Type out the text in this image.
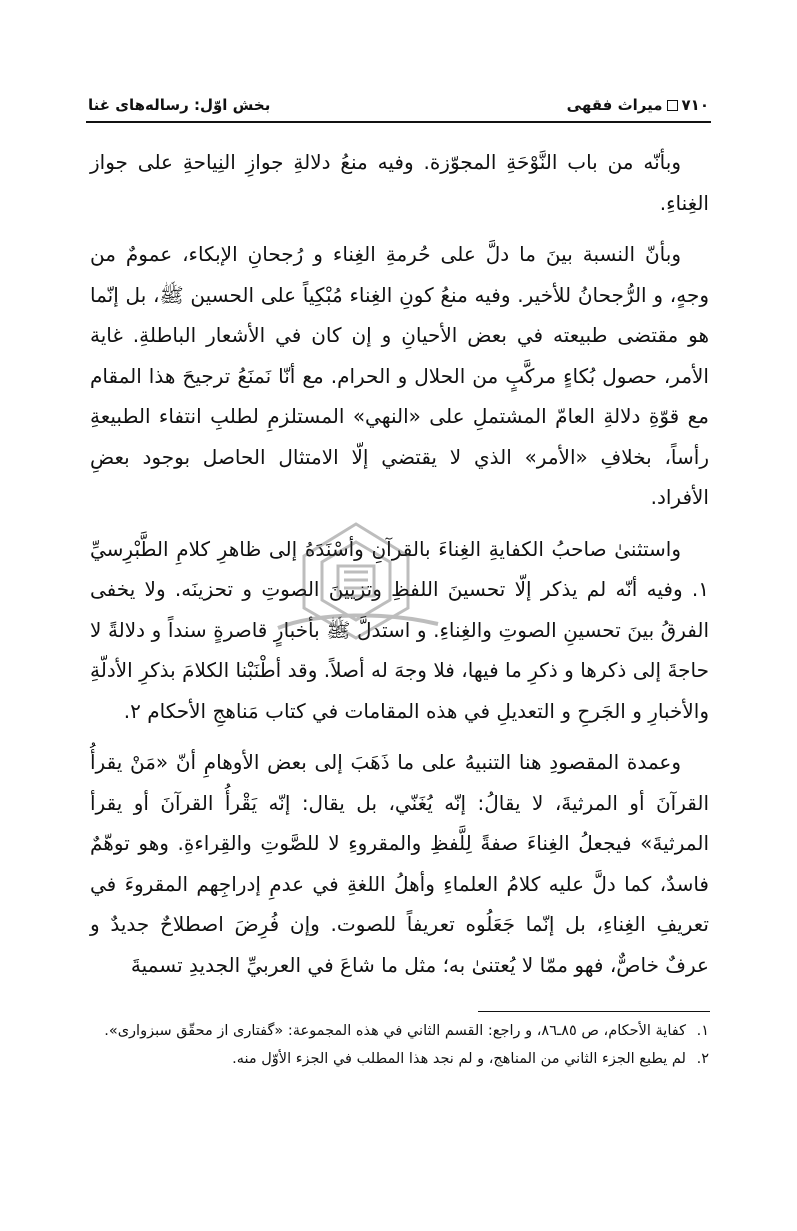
۷۱۰
میراث فقهی
بخش اوّل: رساله‌های غنا

وبأنّه من باب النَّوْحَةِ المجوّزة. وفيه منعُ دلالةِ جوازِ النِياحةِ على جواز الغِناءِ.

وبأنّ النسبة بينَ ما دلَّ على حُرمةِ الغِناء و رُجحانِ الإبكاء، عمومٌ من وجهٍ، و الرُّجحانُ للأخير. وفيه منعُ كونِ الغِناء مُبْكِياً على الحسين ﷺ، بل إنّما هو مقتضى طبيعته في بعض الأحيانِ و إن كان في الأشعار الباطلةِ. غاية الأمر، حصول بُكاءٍ مركَّبٍ من الحلال و الحرام. مع أنّا نَمنَعُ ترجيحَ هذا المقام مع قوّةِ دلالةِ العامّ المشتملِ على «النهي» المستلزمِ لطلبِ انتفاء الطبيعةِ رأساً، بخلافِ «الأمر» الذي لا يقتضي إلّا الامتثال الحاصل بوجود بعضِ الأفراد.

واستثنىٰ صاحبُ الكفايةِ الغِناءَ بالقرآنِ وأسْنَدَهُ إلى ظاهرِ كلامِ الطَّبْرِسيِّ ١. وفيه أنّه لم يذكر إلّا تحسينَ اللفظِ وتزيينَ الصوتِ و تحزينَه. ولا يخفى الفرقُ بينَ تحسينِ الصوتِ والغِناءِ. و استدلَّ ﷺ بأخبارٍ قاصرةٍ سنداً و دلالةً لا حاجةَ إلى ذكرها و ذكرِ ما فيها، فلا وجهَ له أصلاً. وقد أطْنَبْنا الكلامَ بذكرِ الأدلّةِ والأخبارِ و الجَرحِ و التعديلِ في هذه المقامات في كتاب مَناهجِ الأحكام ٢.

وعمدة المقصودِ هنا التنبيهُ على ما ذَهَبَ إلى بعض الأوهامِ أنّ «مَنْ يقرأُ القرآنَ أو المرثيةَ، لا يقالُ: إنّه يُغَنّي، بل يقال: إنّه يَقْرأُ القرآنَ أو يقرأ المرثيةَ» فيجعلُ الغِناءَ صفةً لِلَّفظِ والمقروءِ لا للصَّوتِ والقِراءةِ. وهو توهّمٌ فاسدٌ، كما دلَّ عليه كلامُ العلماءِ وأهلُ اللغةِ في عدمِ إدراجِهم المقروءَ في تعريفِ الغِناءِ، بل إنّما جَعَلُوه تعريفاً للصوت. وإن فُرِضَ اصطلاحٌ جديدٌ و عرفٌ خاصٌّ، فهو ممّا لا يُعتنىٰ به؛ مثل ما شاعَ في العربيِّ الجديدِ تسميةَ

١. كفاية الأحكام، ص ٨٥ـ٨٦، و راجع: القسم الثاني في هذه المجموعة: «گفتاری از محقّق سبزواری».

٢. لم يطبع الجزء الثاني من المناهج، و لم نجد هذا المطلب في الجزء الأوّل منه.
